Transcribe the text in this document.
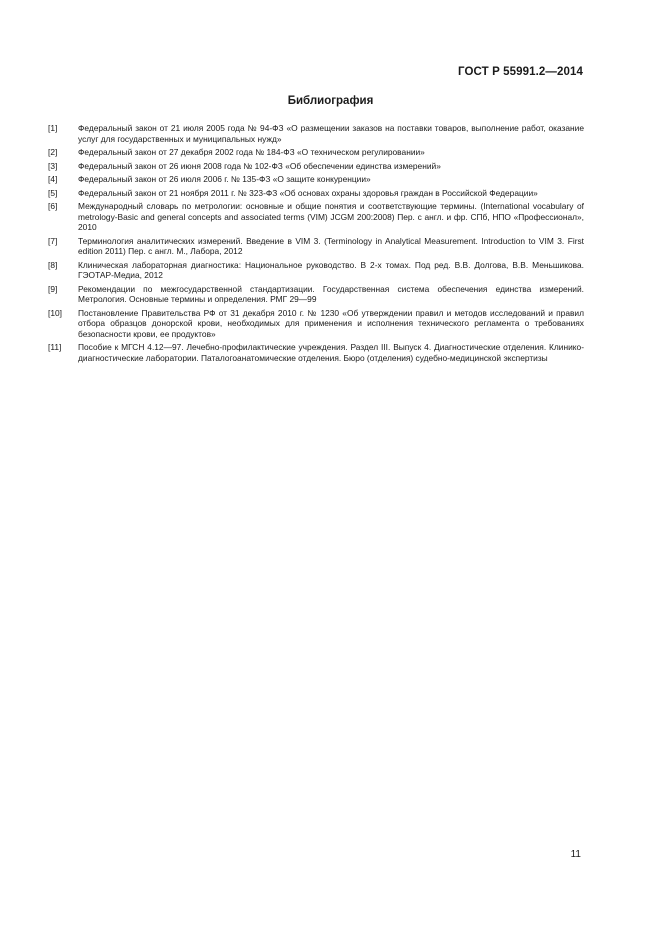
ГОСТ Р 55991.2—2014
Библиография
[1]	Федеральный закон от 21 июля 2005 года № 94-ФЗ «О размещении заказов на поставки товаров, выполнение работ, оказание услуг для государственных и муниципальных нужд»
[2]	Федеральный закон от 27 декабря 2002 года № 184-ФЗ «О техническом регулировании»
[3]	Федеральный закон от 26 июня 2008 года № 102-ФЗ «Об обеспечении единства измерений»
[4]	Федеральный закон от 26 июля 2006 г. № 135-ФЗ «О защите конкуренции»
[5]	Федеральный закон от 21 ноября 2011 г. № 323-ФЗ «Об основах охраны здоровья граждан в Российской Федерации»
[6]	Международный словарь по метрологии: основные и общие понятия и соответствующие термины. (International vocabulary of metrology-Basic and general concepts and associated terms (VIM) JCGM 200:2008) Пер. с англ. и фр. СПб, НПО «Профессионал», 2010
[7]	Терминология аналитических измерений. Введение в VIM 3. (Terminology in Analytical Measurement. Introduction to VIM 3. First edition 2011) Пер. с англ. М., Лабора, 2012
[8]	Клиническая лабораторная диагностика: Национальное руководство. В 2-х томах. Под ред. В.В. Долгова, В.В. Меньшикова. ГЭОТАР-Медиа, 2012
[9]	Рекомендации по межгосударственной стандартизации. Государственная система обеспечения единства измерений. Метрология. Основные термины и определения. РМГ 29—99
[10]	Постановление Правительства РФ от 31 декабря 2010 г. № 1230 «Об утверждении правил и методов исследований и правил отбора образцов донорской крови, необходимых для применения и исполнения технического регламента о требованиях безопасности крови, ее продуктов»
[11]	Пособие к МГСН 4.12—97. Лечебно-профилактические учреждения. Раздел III. Выпуск 4. Диагностические отделения. Клинико-диагностические лаборатории. Паталогоанатомические отделения. Бюро (отделения) судебно-медицинской экспертизы
11
